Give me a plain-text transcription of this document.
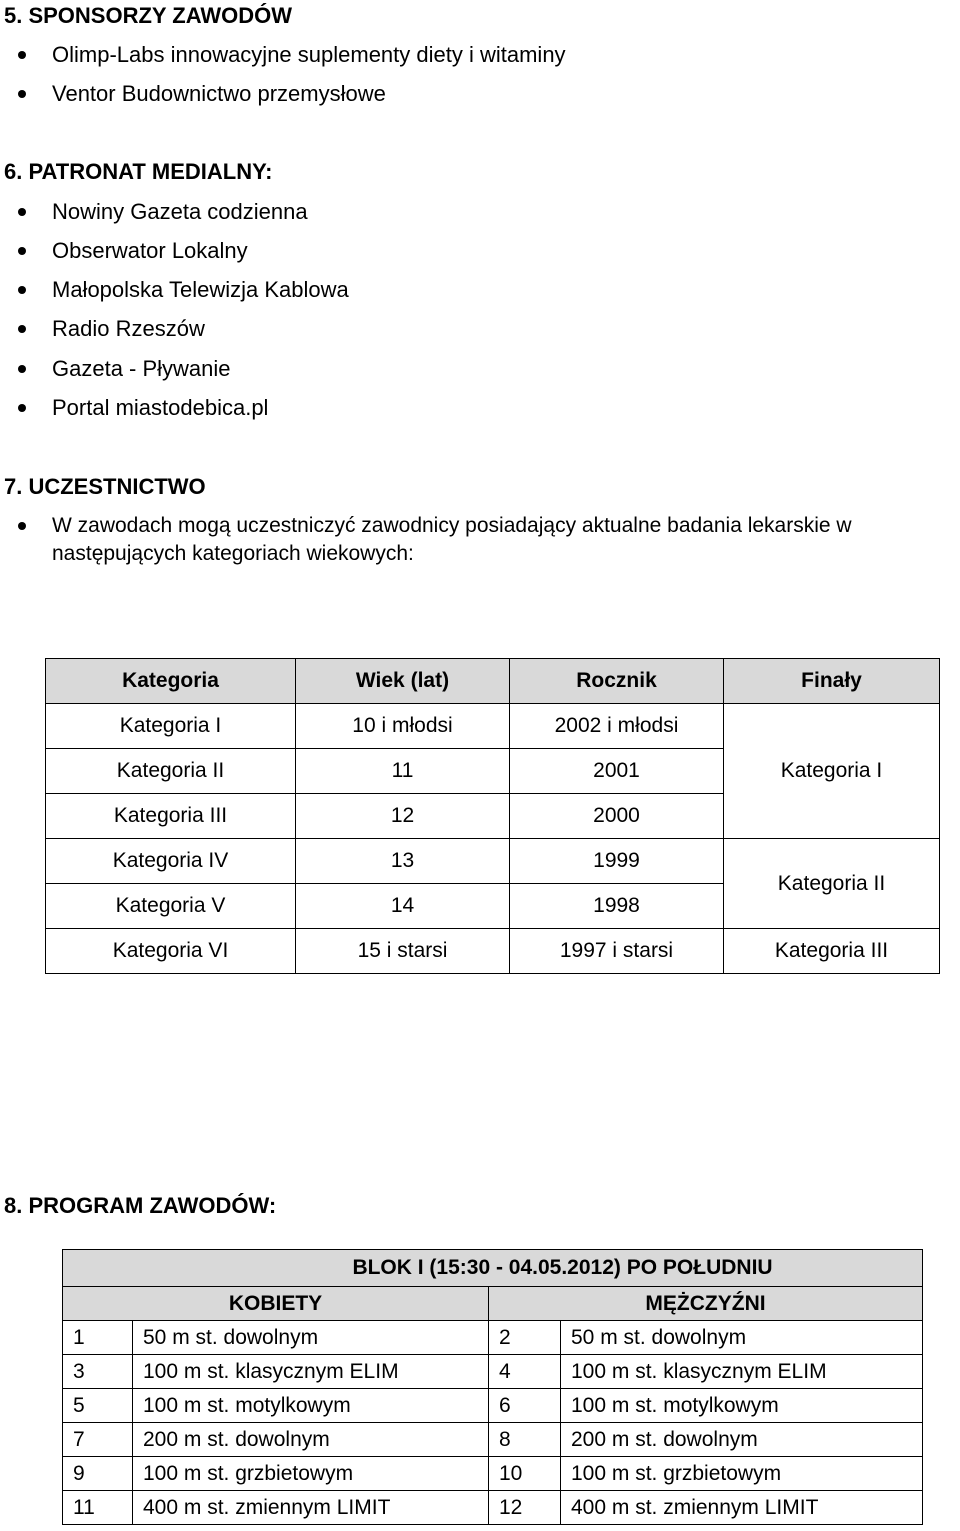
5. SPONSORZY ZAWODÓW
Olimp-Labs innowacyjne suplementy diety i witaminy
Ventor Budownictwo przemysłowe
6. PATRONAT MEDIALNY:
Nowiny Gazeta codzienna
Obserwator Lokalny
Małopolska Telewizja Kablowa
Radio Rzeszów
Gazeta - Pływanie
Portal miastodebica.pl
7. UCZESTNICTWO
W zawodach mogą uczestniczyć zawodnicy posiadający aktualne badania lekarskie w następujących kategoriach wiekowych:
Kategoria	Wiek (lat)	Rocznik	Finały
Kategoria I	10 i młodsi	2002 i młodsi	Kategoria I
Kategoria II	11	2001	
Kategoria III	12	2000	
Kategoria IV	13	1999	Kategoria II
Kategoria V	14	1998	
Kategoria VI	15 i starsi	1997 i starsi	Kategoria III
8. PROGRAM ZAWODÓW:
BLOK I (15:30 - 04.05.2012) PO POŁUDNIU			
KOBIETY		MĘŻCZYŹNI	
1	50 m st. dowolnym	2	50 m st. dowolnym
3	100 m st. klasycznym ELIM	4	100 m st. klasycznym ELIM
5	100 m st. motylkowym	6	100 m st. motylkowym
7	200 m st. dowolnym	8	200 m st. dowolnym
9	100 m st. grzbietowym	10	100 m st. grzbietowym
11	400 m st. zmiennym LIMIT	12	400 m st. zmiennym LIMIT
